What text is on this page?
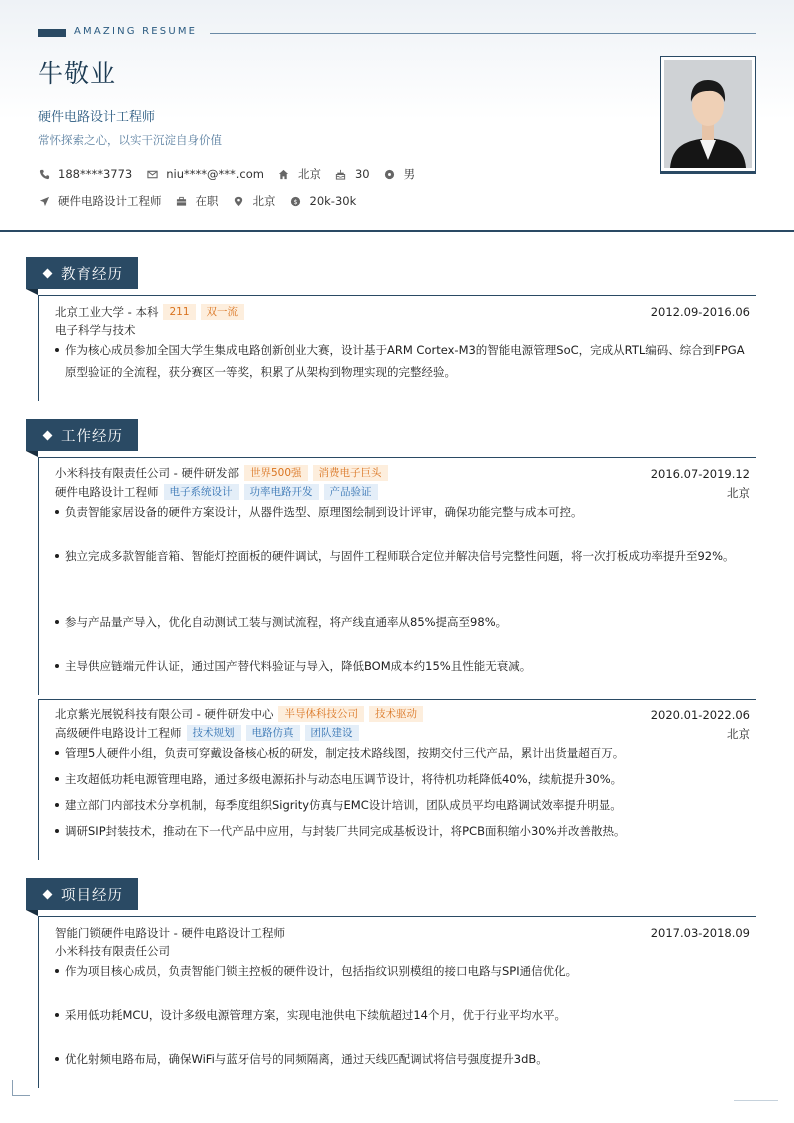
AMAZING RESUME
牛敬业
硬件电路设计工程师
常怀探索之心，以实干沉淀自身价值
188****3773	niu****@***.com	北京	30	男
硬件电路设计工程师	在职	北京	$ 20k-30k
教育经历
北京工业大学 - 本科	211	双一流	2012.09-2016.06
电子科学与技术
作为核心成员参加全国大学生集成电路创新创业大赛，设计基于ARM Cortex-M3的智能电源管理SoC，完成从RTL编码、综合到FPGA原型验证的全流程，获分赛区一等奖，积累了从架构到物理实现的完整经验。
工作经历
小米科技有限责任公司 - 硬件研发部	世界500强	消费电子巨头	2016.07-2019.12
硬件电路设计工程师	电子系统设计	功率电路开发	产品验证	北京
负责智能家居设备的硬件方案设计，从器件选型、原理图绘制到设计评审，确保功能完整与成本可控。
独立完成多款智能音箱、智能灯控面板的硬件调试，与固件工程师联合定位并解决信号完整性问题，将一次打板成功率提升至92%。
参与产品量产导入，优化自动测试工装与测试流程，将产线直通率从85%提高至98%。
主导供应链端元件认证，通过国产替代料验证与导入，降低BOM成本约15%且性能无衰减。
北京紫光展锐科技有限公司 - 硬件研发中心	半导体科技公司	技术驱动	2020.01-2022.06
高级硬件电路设计工程师	技术规划	电路仿真	团队建设	北京
管理5人硬件小组，负责可穿戴设备核心板的研发，制定技术路线图，按期交付三代产品，累计出货量超百万。
主攻超低功耗电源管理电路，通过多级电源拓扑与动态电压调节设计，将待机功耗降低40%，续航提升30%。
建立部门内部技术分享机制，每季度组织Sigrity仿真与EMC设计培训，团队成员平均电路调试效率提升明显。
调研SIP封装技术，推动在下一代产品中应用，与封装厂共同完成基板设计，将PCB面积缩小30%并改善散热。
项目经历
智能门锁硬件电路设计 - 硬件电路设计工程师	2017.03-2018.09
小米科技有限责任公司
作为项目核心成员，负责智能门锁主控板的硬件设计，包括指纹识别模组的接口电路与SPI通信优化。
采用低功耗MCU，设计多级电源管理方案，实现电池供电下续航超过14个月，优于行业平均水平。
优化射频电路布局，确保WiFi与蓝牙信号的同频隔离，通过天线匹配调试将信号强度提升3dB。
